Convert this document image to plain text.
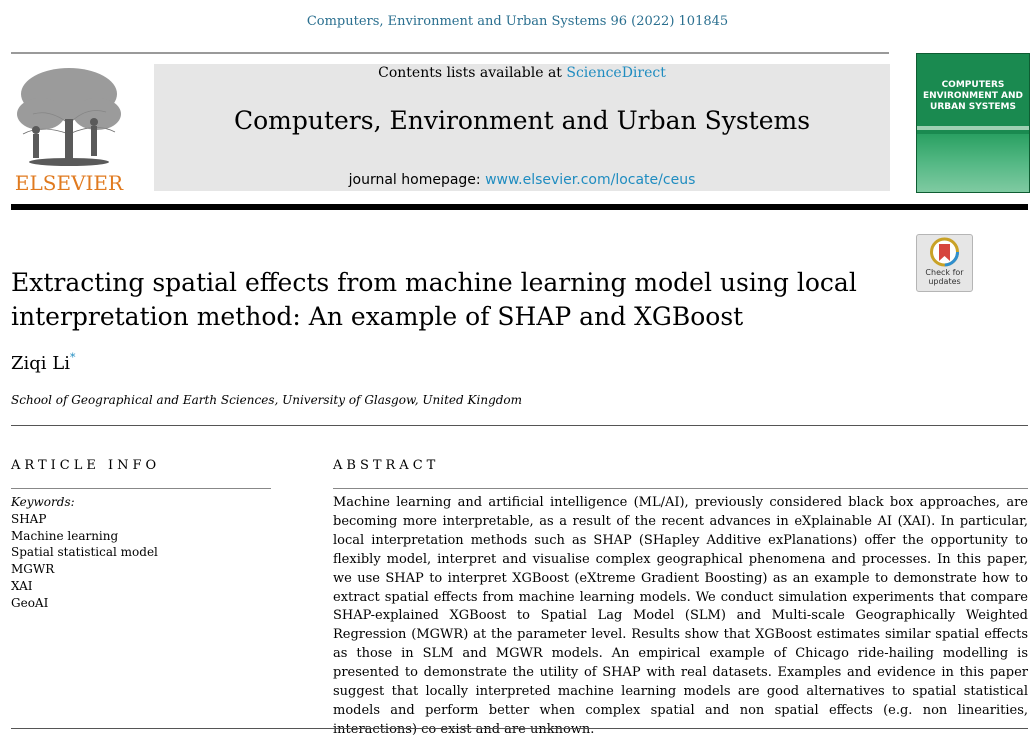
Computers, Environment and Urban Systems 96 (2022) 101845
ELSEVIER
Contents lists available at ScienceDirect
Computers, Environment and Urban Systems
journal homepage: www.elsevier.com/locate/ceus
COMPUTERS ENVIRONMENT AND URBAN SYSTEMS
Check for updates
Extracting spatial effects from machine learning model using local interpretation method: An example of SHAP and XGBoost
Ziqi Li*
School of Geographical and Earth Sciences, University of Glasgow, United Kingdom
ARTICLE INFO
Keywords:
SHAP
Machine learning
Spatial statistical model
MGWR
XAI
GeoAI
ABSTRACT

Machine learning and artificial intelligence (ML/AI), previously considered black box approaches, are becoming more interpretable, as a result of the recent advances in eXplainable AI (XAI). In particular, local interpretation methods such as SHAP (SHapley Additive exPlanations) offer the opportunity to flexibly model, interpret and visualise complex geographical phenomena and processes. In this paper, we use SHAP to interpret XGBoost (eXtreme Gradient Boosting) as an example to demonstrate how to extract spatial effects from machine learning models. We conduct simulation experiments that compare SHAP-explained XGBoost to Spatial Lag Model (SLM) and Multi-scale Geographically Weighted Regression (MGWR) at the parameter level. Results show that XGBoost estimates similar spatial effects as those in SLM and MGWR models. An empirical example of Chicago ride-hailing modelling is presented to demonstrate the utility of SHAP with real datasets. Examples and evidence in this paper suggest that locally interpreted machine learning models are good alternatives to spatial statistical models and perform better when complex spatial and non spatial effects (e.g. non linearities, interactions) co exist and are unknown.
